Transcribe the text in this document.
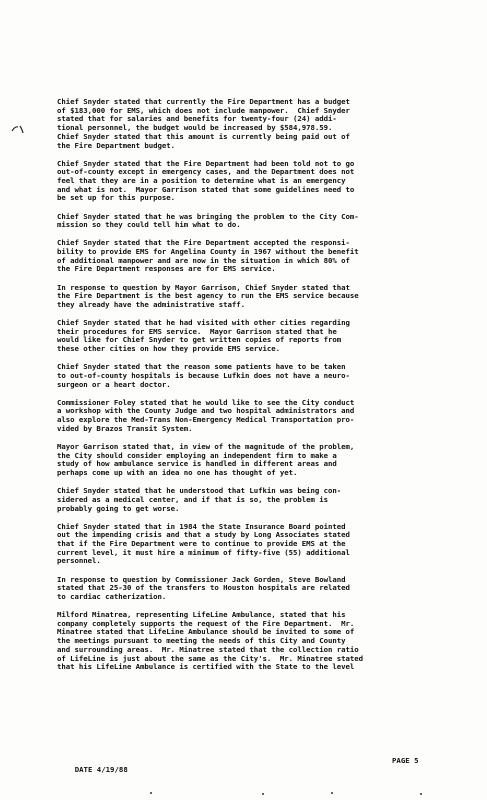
Chief Snyder stated that currently the Fire Department has a budget
of $183,000 for EMS, which does not include manpower.  Chief Snyder
stated that for salaries and benefits for twenty-four (24) addi-
tional personnel, the budget would be increased by $584,978.59.
Chief Snyder stated that this amount is currently being paid out of
the Fire Department budget.

Chief Snyder stated that the Fire Department had been told not to go
out-of-county except in emergency cases, and the Department does not
feel that they are in a position to determine what is an emergency
and what is not.  Mayor Garrison stated that some guidelines need to
be set up for this purpose.

Chief Snyder stated that he was bringing the problem to the City Com-
mission so they could tell him what to do.

Chief Snyder stated that the Fire Department accepted the responsi-
bility to provide EMS for Angelina County in 1967 without the benefit
of additional manpower and are now in the situation in which 80% of
the Fire Department responses are for EMS service.

In response to question by Mayor Garrison, Chief Snyder stated that
the Fire Department is the best agency to run the EMS service because
they already have the administrative staff.

Chief Snyder stated that he had visited with other cities regarding
their procedures for EMS service.  Mayor Garrison stated that he
would like for Chief Snyder to get written copies of reports from
these other cities on how they provide EMS service.

Chief Snyder stated that the reason some patients have to be taken
to out-of-county hospitals is because Lufkin does not have a neuro-
surgeon or a heart doctor.

Commissioner Foley stated that he would like to see the City conduct
a workshop with the County Judge and two hospital administrators and
also explore the Med-Trans Non-Emergency Medical Transportation pro-
vided by Brazos Transit System.

Mayor Garrison stated that, in view of the magnitude of the problem,
the City should consider employing an independent firm to make a
study of how ambulance service is handled in different areas and
perhaps come up with an idea no one has thought of yet.

Chief Snyder stated that he understood that Lufkin was being con-
sidered as a medical center, and if that is so, the problem is
probably going to get worse.

Chief Snyder stated that in 1984 the State Insurance Board pointed
out the impending crisis and that a study by Long Associates stated
that if the Fire Department were to continue to provide EMS at the
current level, it must hire a minimum of fifty-five (55) additional
personnel.

In response to question by Commissioner Jack Gorden, Steve Bowland
stated that 25-30 of the transfers to Houston hospitals are related
to cardiac catherization.

Milford Minatrea, representing LifeLine Ambulance, stated that his
company completely supports the request of the Fire Department.  Mr.
Minatree stated that LifeLine Ambulance should be invited to some of
the meetings pursuant to meeting the needs of this City and County
and surrounding areas.  Mr. Minatree stated that the collection ratio
of LifeLine is just about the same as the City's.  Mr. Minatree stated
that his LifeLine Ambulance is certified with the State to the level

DATE 4/19/88

PAGE 5
